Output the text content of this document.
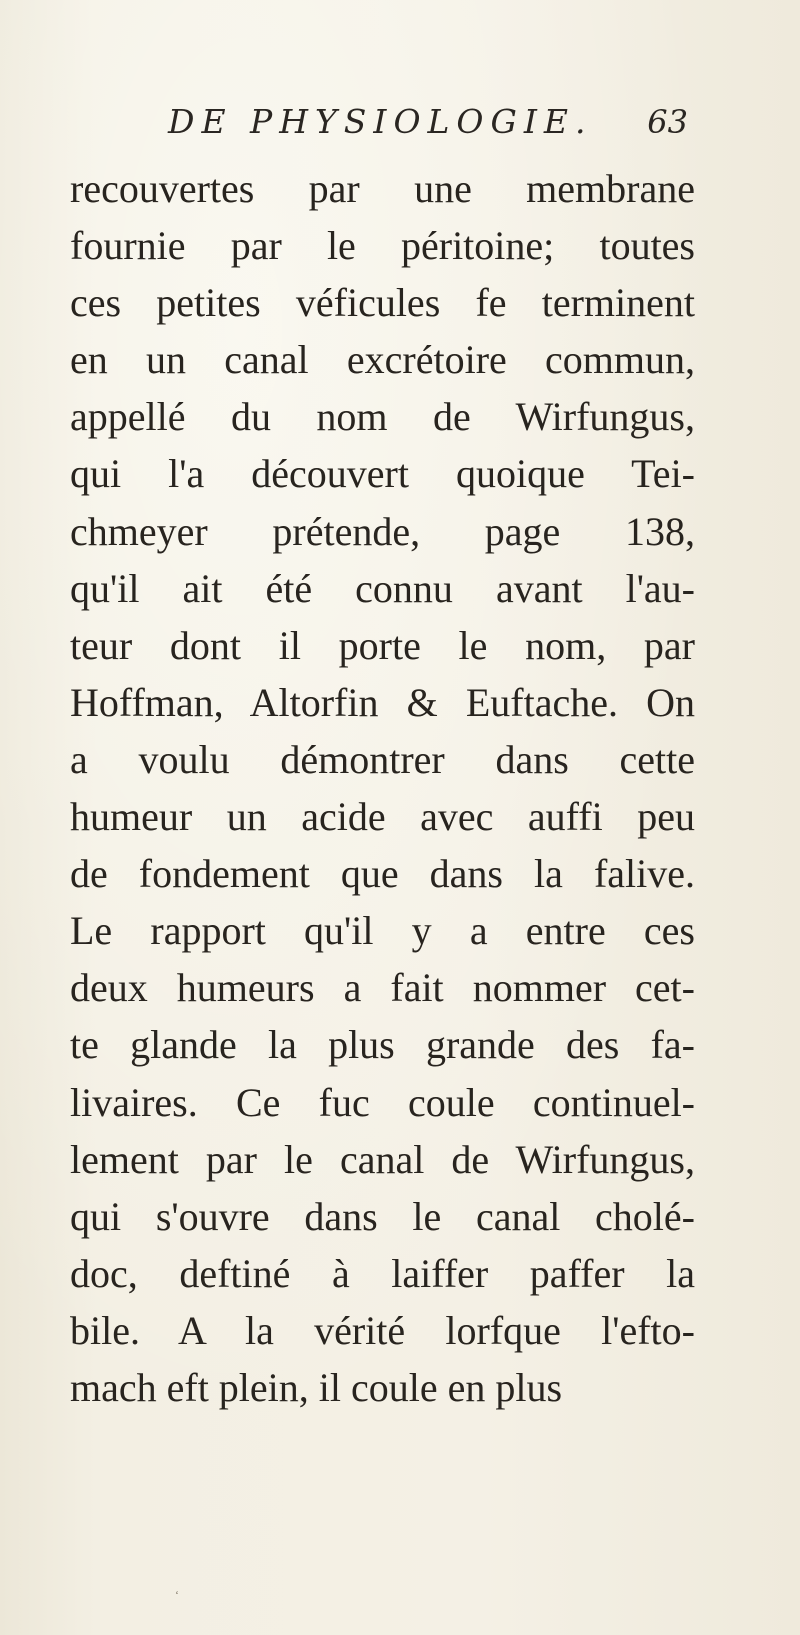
DE PHYSIOLOGIE. 63
recouvertes par une membrane
fournie par le péritoine; toutes
ces petites véficules fe terminent
en un canal excrétoire commun,
appellé du nom de Wirfungus,
qui l'a découvert quoique Tei-
chmeyer prétende, page 138,
qu'il ait été connu avant l'au-
teur dont il porte le nom, par
Hoffman, Altorfin & Euftache. On
a voulu démontrer dans cette
humeur un acide avec auffi peu
de fondement que dans la falive.
Le rapport qu'il y a entre ces
deux humeurs a fait nommer cet-
te glande la plus grande des fa-
livaires. Ce fuc coule continuel-
lement par le canal de Wirfungus,
qui s'ouvre dans le canal cholé-
doc, deftiné à laiffer paffer la
bile. A la vérité lorfque l'efto-
mach eft plein, il coule en plus
‘
